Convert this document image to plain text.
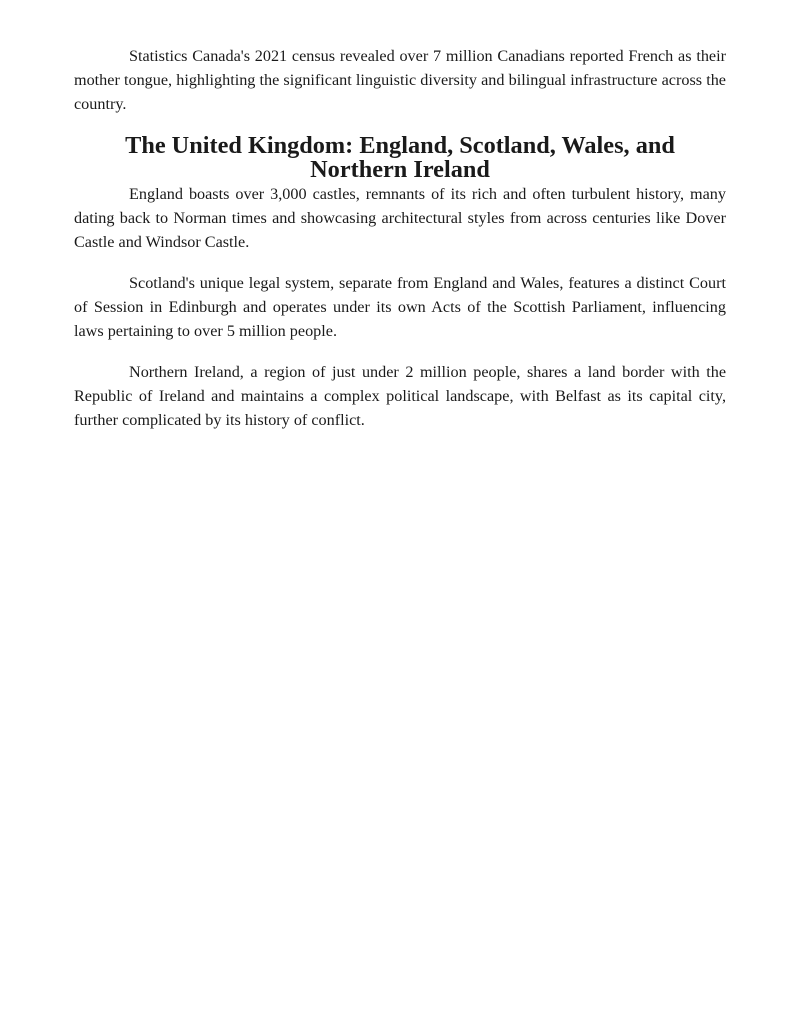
Statistics Canada's 2021 census revealed over 7 million Canadians reported French as their mother tongue, highlighting the significant linguistic diversity and bilingual infrastructure across the country.

The United Kingdom: England, Scotland, Wales, and Northern Ireland

England boasts over 3,000 castles, remnants of its rich and often turbulent history, many dating back to Norman times and showcasing architectural styles from across centuries like Dover Castle and Windsor Castle.

Scotland's unique legal system, separate from England and Wales, features a distinct Court of Session in Edinburgh and operates under its own Acts of the Scottish Parliament, influencing laws pertaining to over 5 million people.

Northern Ireland, a region of just under 2 million people, shares a land border with the Republic of Ireland and maintains a complex political landscape, with Belfast as its capital city, further complicated by its history of conflict.
